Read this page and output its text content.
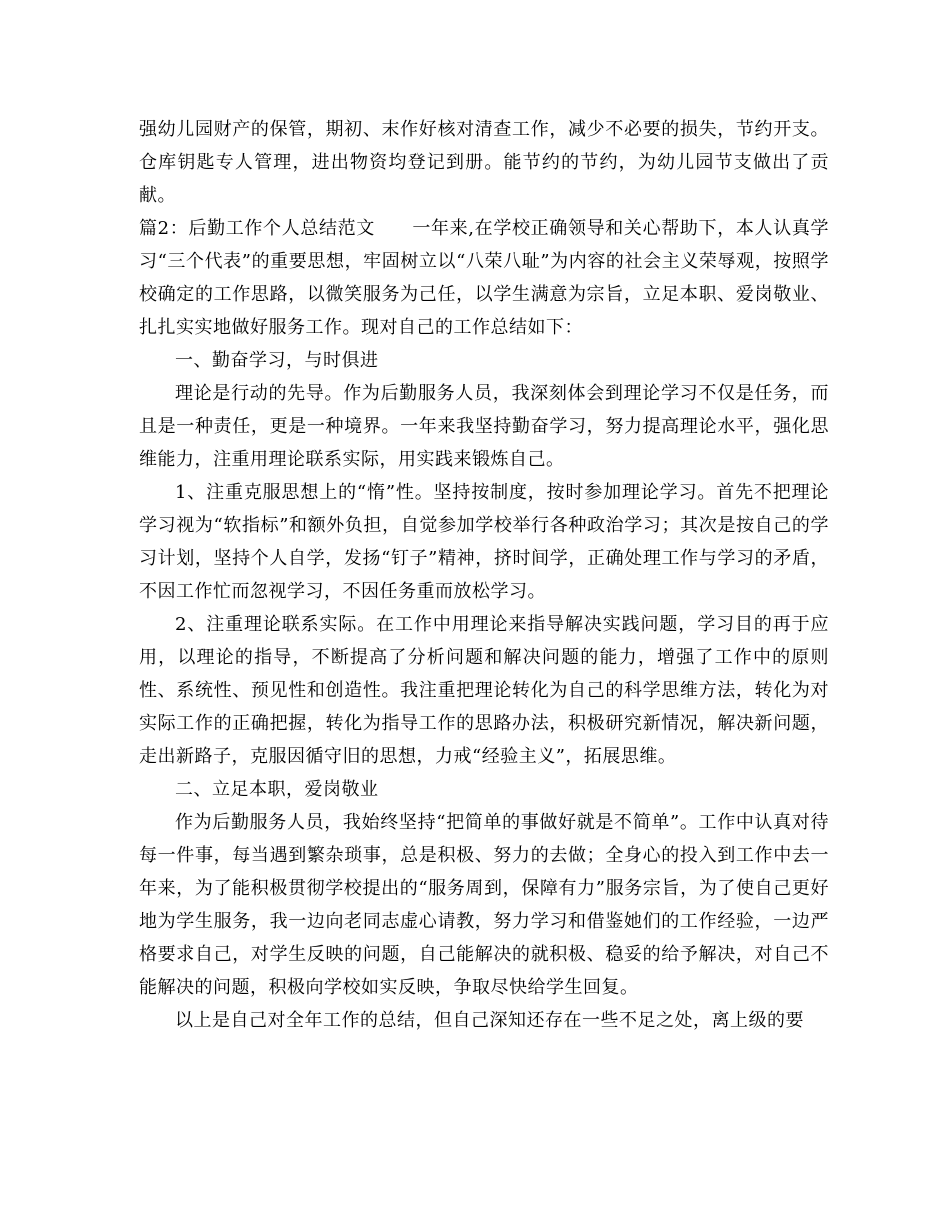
强幼儿园财产的保管，期初、末作好核对清查工作，减少不必要的损失，节约开支。仓库钥匙专人管理，进出物资均登记到册。能节约的节约，为幼儿园节支做出了贡献。

篇2：后勤工作个人总结范文　　 一年来,在学校正确领导和关心帮助下，本人认真学习“三个代表”的重要思想，牢固树立以“八荣八耻”为内容的社会主义荣辱观，按照学校确定的工作思路，以微笑服务为己任，以学生满意为宗旨，立足本职、爱岗敬业、扎扎实实地做好服务工作。现对自己的工作总结如下：

一、勤奋学习，与时俱进

理论是行动的先导。作为后勤服务人员，我深刻体会到理论学习不仅是任务，而且是一种责任，更是一种境界。一年来我坚持勤奋学习，努力提高理论水平，强化思维能力，注重用理论联系实际，用实践来锻炼自己。

1、注重克服思想上的“惰”性。坚持按制度，按时参加理论学习。首先不把理论学习视为“软指标”和额外负担，自觉参加学校举行各种政治学习；其次是按自己的学习计划，坚持个人自学，发扬“钉子”精神，挤时间学，正确处理工作与学习的矛盾，不因工作忙而忽视学习，不因任务重而放松学习。

2、注重理论联系实际。在工作中用理论来指导解决实践问题，学习目的再于应用，以理论的指导，不断提高了分析问题和解决问题的能力，增强了工作中的原则性、系统性、预见性和创造性。我注重把理论转化为自己的科学思维方法，转化为对实际工作的正确把握，转化为指导工作的思路办法，积极研究新情况，解决新问题，走出新路子，克服因循守旧的思想，力戒“经验主义”，拓展思维。

二、立足本职，爱岗敬业

作为后勤服务人员，我始终坚持“把简单的事做好就是不简单”。工作中认真对待每一件事，每当遇到繁杂琐事，总是积极、努力的去做；全身心的投入到工作中去一年来，为了能积极贯彻学校提出的“服务周到，保障有力”服务宗旨，为了使自己更好地为学生服务，我一边向老同志虚心请教，努力学习和借鉴她们的工作经验，一边严格要求自己，对学生反映的问题，自己能解决的就积极、稳妥的给予解决，对自己不能解决的问题，积极向学校如实反映，争取尽快给学生回复。

以上是自己对全年工作的总结，但自己深知还存在一些不足之处，离上级的要
